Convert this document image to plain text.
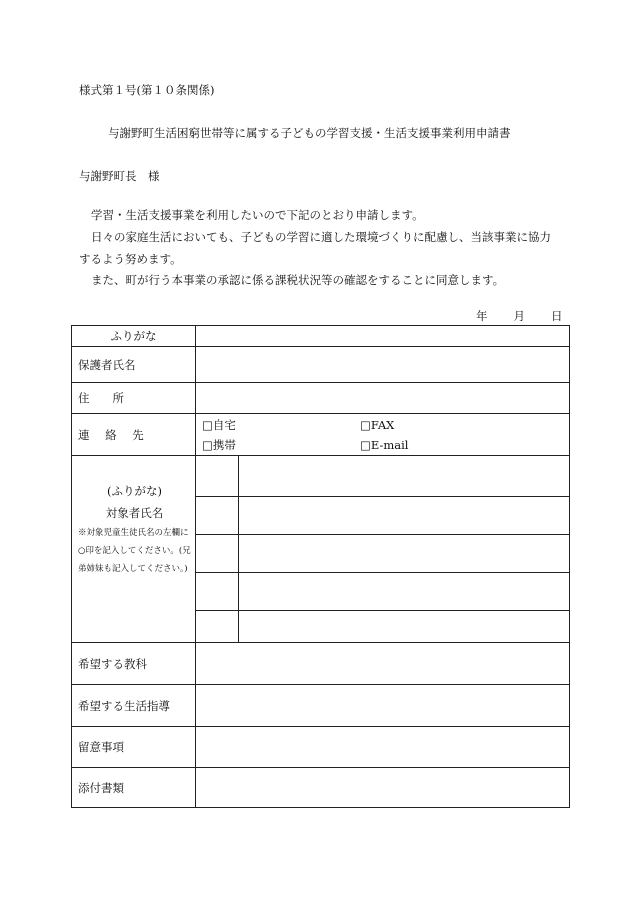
様式第１号(第１０条関係)
与謝野町生活困窮世帯等に属する子どもの学習支援・生活支援事業利用申請書
与謝野町長　様
学習・生活支援事業を利用したいので下記のとおり申請します。
日々の家庭生活においても、子どもの学習に適した環境づくりに配慮し、当該事業に協力するよう努めます。
また、町が行う本事業の承認に係る課税状況等の確認をすることに同意します。
年 月 日
ふりがな		
保護者氏名		
住　　所		
連 絡 先	□自宅 □FAX
□携帯 □E-mail	

(ふりがな)
対象者氏名
※対象児童生徒氏名の左欄に○印を記入してください。(兄弟姉妹も記入してください。)		

希望する教科		
希望する生活指導		
留意事項		
添付書類		
